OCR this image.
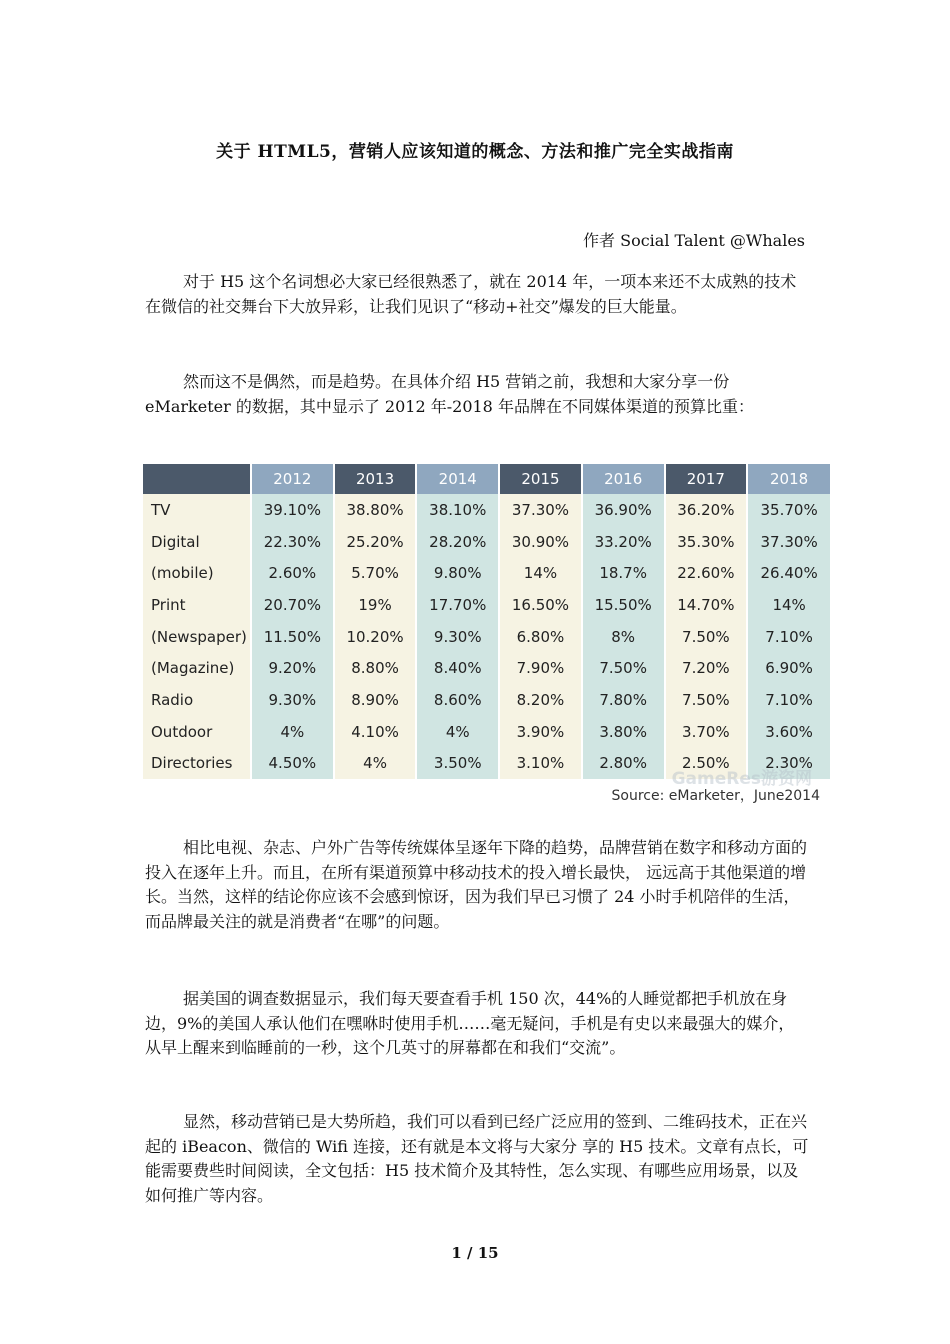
关于 HTML5，营销人应该知道的概念、方法和推广完全实战指南
作者 Social Talent @Whales

对于 H5 这个名词想必大家已经很熟悉了，就在 2014 年，一项本来还不太成熟的技术在微信的社交舞台下大放异彩，让我们见识了“移动+社交”爆发的巨大能量。

然而这不是偶然，而是趋势。在具体介绍 H5 营销之前，我想和大家分享一份 eMarketer 的数据，其中显示了 2012 年-2018 年品牌在不同媒体渠道的预算比重：

	2012	2013	2014	2015	2016	2017	2018
TV	39.10%	38.80%	38.10%	37.30%	36.90%	36.20%	35.70%
Digital	22.30%	25.20%	28.20%	30.90%	33.20%	35.30%	37.30%
(mobile)	2.60%	5.70%	9.80%	14%	18.7%	22.60%	26.40%
Print	20.70%	19%	17.70%	16.50%	15.50%	14.70%	14%
(Newspaper)	11.50%	10.20%	9.30%	6.80%	8%	7.50%	7.10%
(Magazine)	9.20%	8.80%	8.40%	7.90%	7.50%	7.20%	6.90%
Radio	9.30%	8.90%	8.60%	8.20%	7.80%	7.50%	7.10%
Outdoor	4%	4.10%	4%	3.90%	3.80%	3.70%	3.60%
Directories	4.50%	4%	3.50%	3.10%	2.80%	2.50%	2.30%
Source: eMarketer，June2014
GameRes游资网

相比电视、杂志、户外广告等传统媒体呈逐年下降的趋势，品牌营销在数字和移动方面的投入在逐年上升。而且，在所有渠道预算中移动技术的投入增长最快， 远远高于其他渠道的增长。当然，这样的结论你应该不会感到惊讶，因为我们早已习惯了 24 小时手机陪伴的生活，而品牌最关注的就是消费者“在哪”的问题。

据美国的调查数据显示，我们每天要查看手机 150 次，44%的人睡觉都把手机放在身边，9%的美国人承认他们在嘿咻时使用手机……毫无疑问，手机是有史以来最强大的媒介，从早上醒来到临睡前的一秒，这个几英寸的屏幕都在和我们“交流”。

显然，移动营销已是大势所趋，我们可以看到已经广泛应用的签到、二维码技术，正在兴起的 iBeacon、微信的 Wifi 连接，还有就是本文将与大家分 享的 H5 技术。文章有点长，可能需要费些时间阅读，全文包括：H5 技术简介及其特性，怎么实现、有哪些应用场景，以及如何推广等内容。

1 / 15
